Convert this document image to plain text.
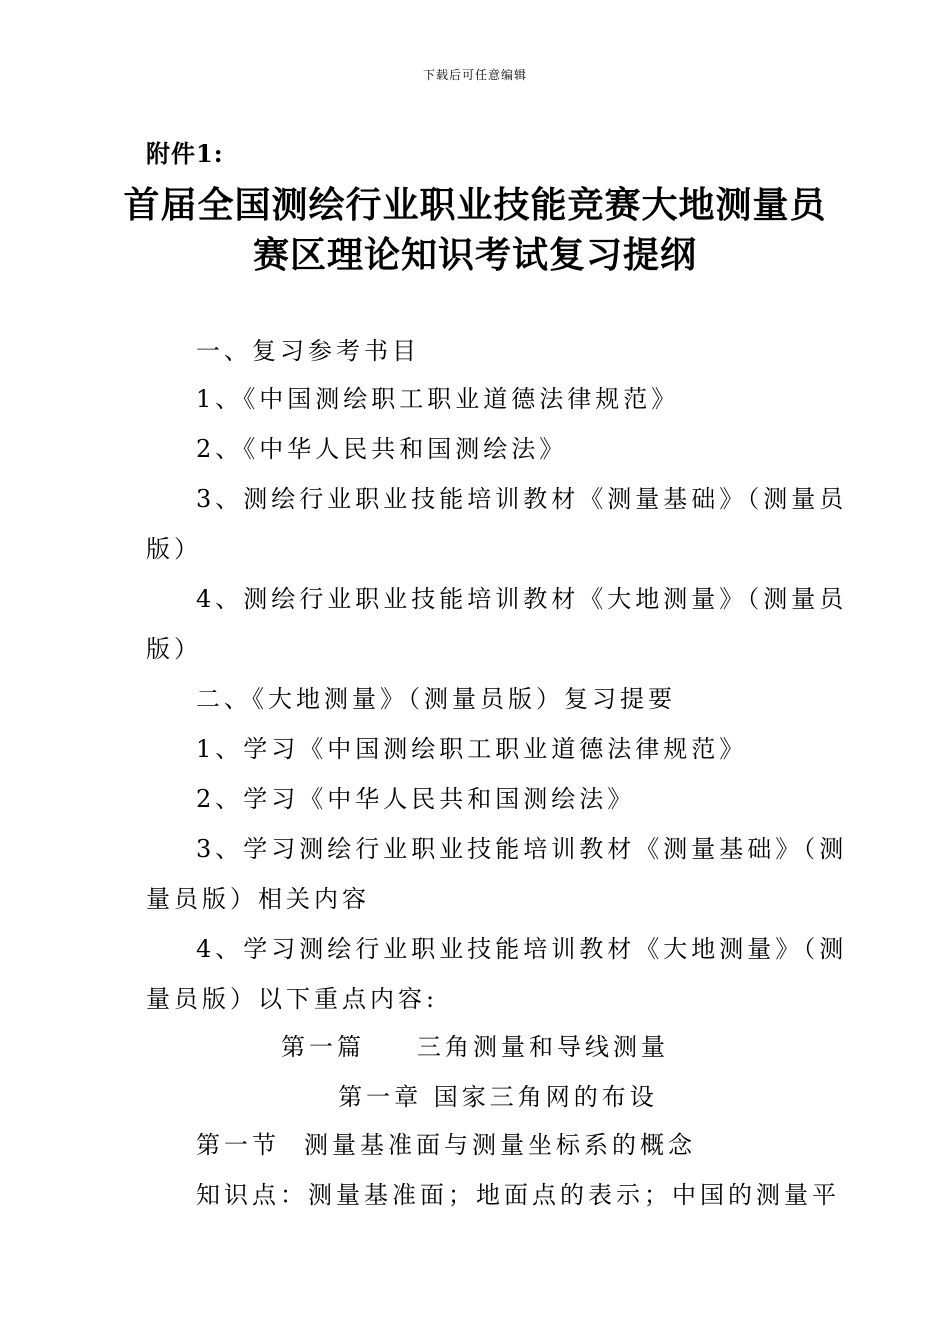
下载后可任意编辑
附件1:
首届全国测绘行业职业技能竞赛大地测量员
赛区理论知识考试复习提纲
一、复习参考书目
1、《中国测绘职工职业道德法律规范》
2、《中华人民共和国测绘法》
3、测绘行业职业技能培训教材《测量基础》（测量员
版）
4、测绘行业职业技能培训教材《大地测量》（测量员
版）
二、《大地测量》（测量员版）复习提要
1、学习《中国测绘职工职业道德法律规范》
2、学习《中华人民共和国测绘法》
3、学习测绘行业职业技能培训教材《测量基础》（测
量员版）相关内容
4、学习测绘行业职业技能培训教材《大地测量》（测
量员版）以下重点内容:
第一篇 三角测量和导线测量
第一章 国家三角网的布设
第一节 测量基准面与测量坐标系的概念
知识点：测量基准面；地面点的表示；中国的测量平
